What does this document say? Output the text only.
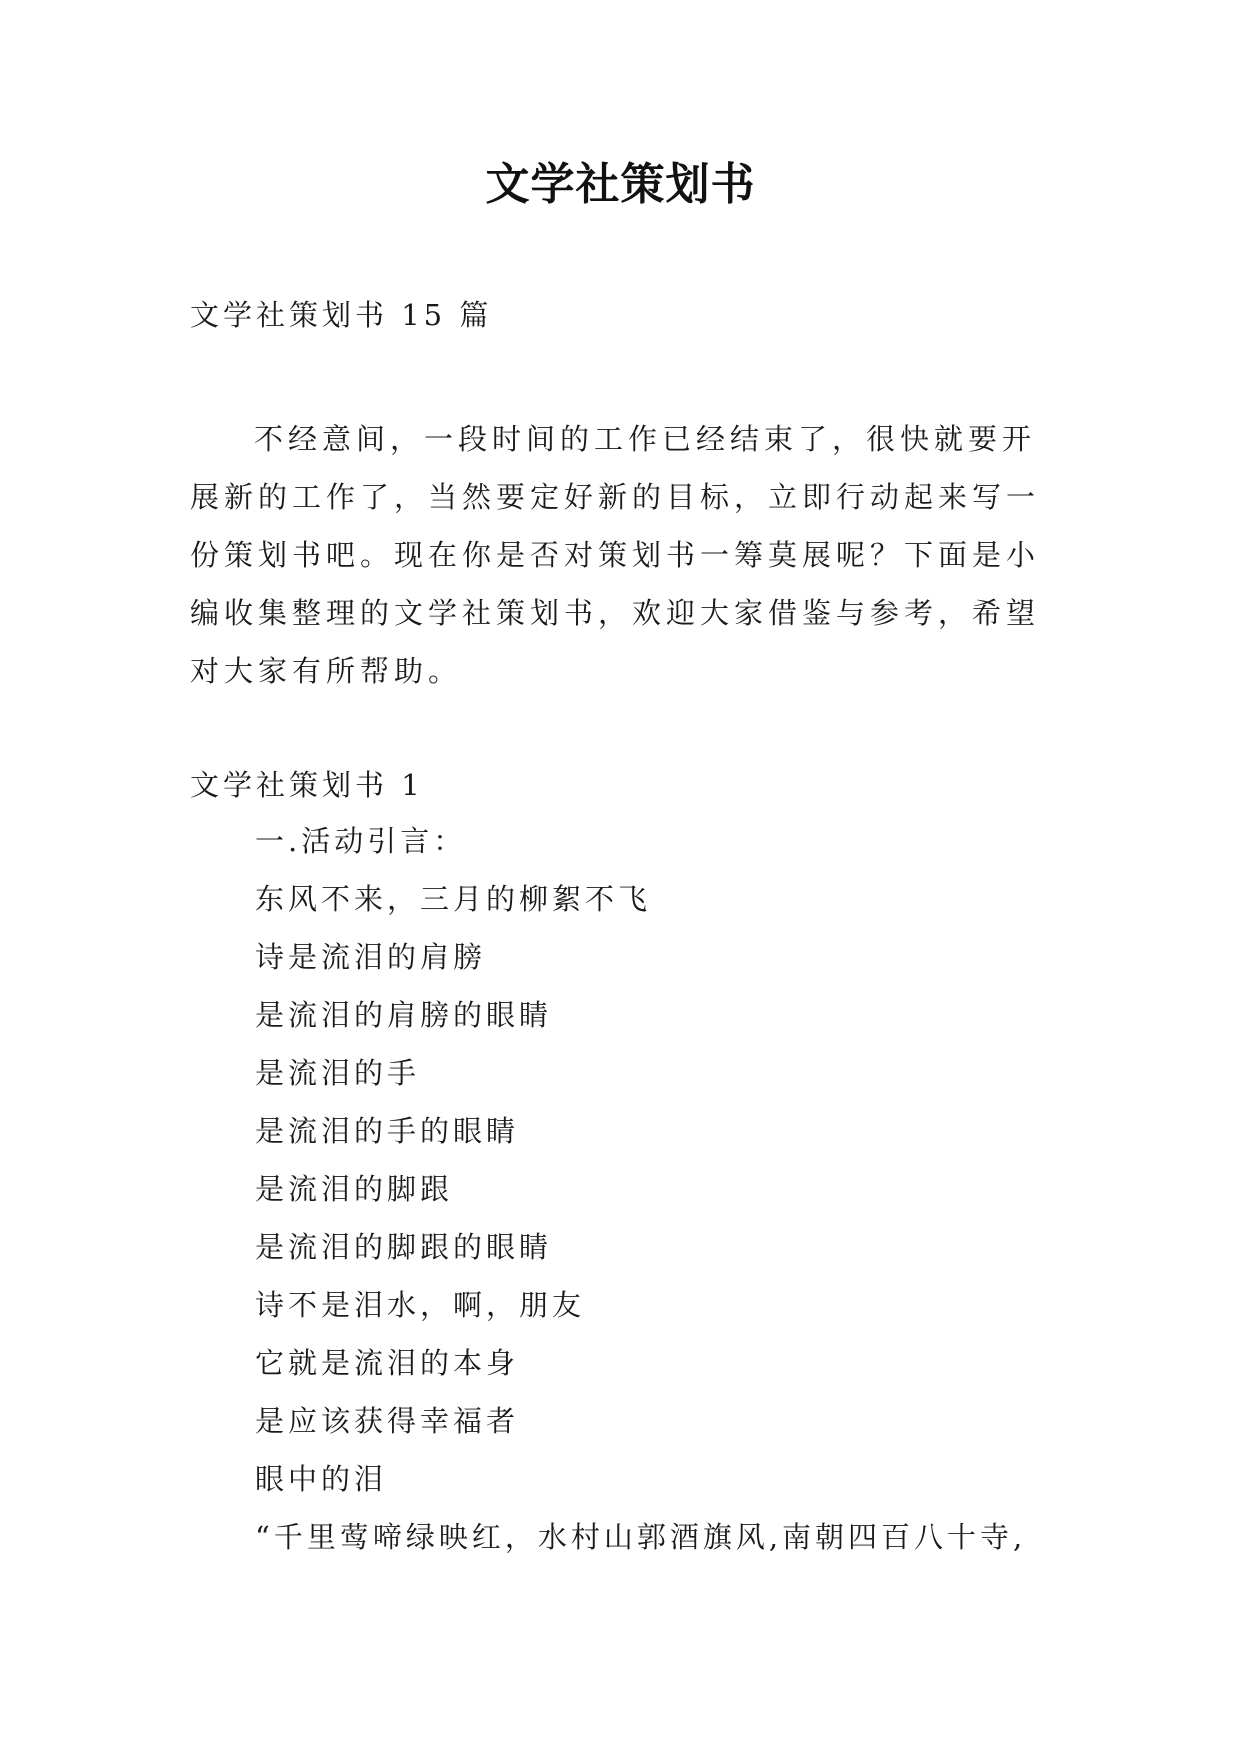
文学社策划书
文学社策划书 15 篇
不经意间，一段时间的工作已经结束了，很快就要开展新的工作了，当然要定好新的目标，立即行动起来写一份策划书吧。现在你是否对策划书一筹莫展呢？下面是小编收集整理的文学社策划书，欢迎大家借鉴与参考，希望对大家有所帮助。
文学社策划书 1
一.活动引言：
东风不来，三月的柳絮不飞
诗是流泪的肩膀
是流泪的肩膀的眼睛
是流泪的手
是流泪的手的眼睛
是流泪的脚跟
是流泪的脚跟的眼睛
诗不是泪水，啊，朋友
它就是流泪的本身
是应该获得幸福者
眼中的泪
“千里莺啼绿映红，水村山郭酒旗风,南朝四百八十寺,
